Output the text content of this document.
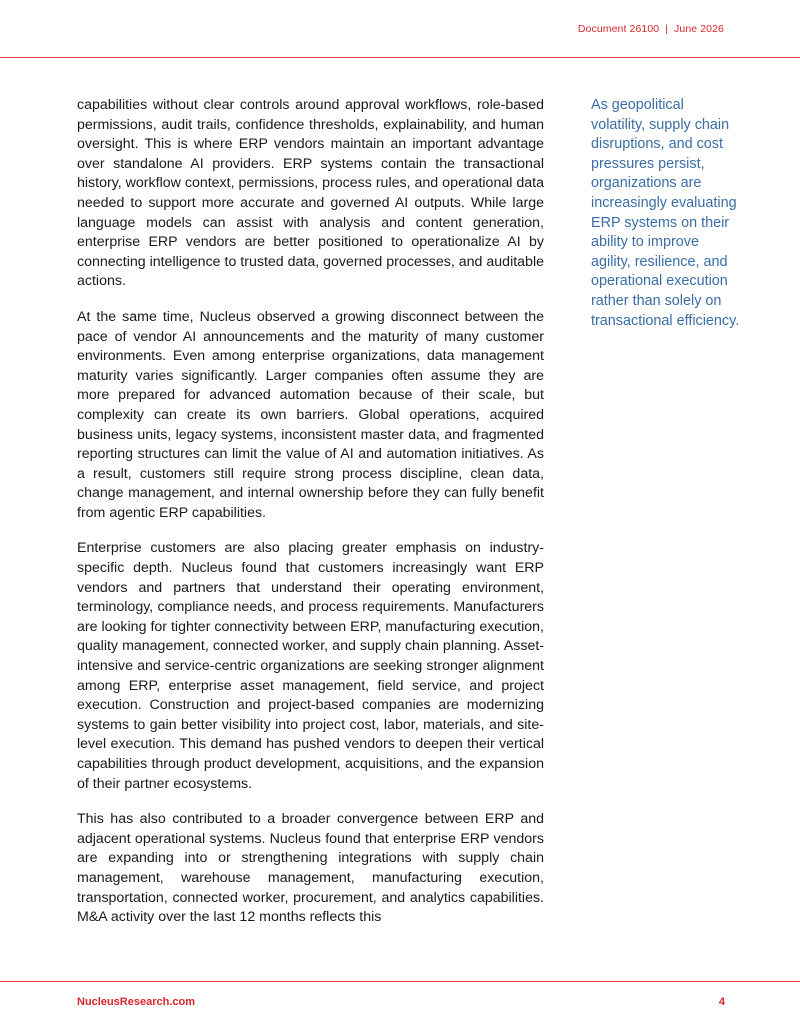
Document 26100 | June 2026

capabilities without clear controls around approval workflows, role-based permissions, audit trails, confidence thresholds, explainability, and human oversight. This is where ERP vendors maintain an important advantage over standalone AI providers. ERP systems contain the transactional history, workflow context, permissions, process rules, and operational data needed to support more accurate and governed AI outputs. While large language models can assist with analysis and content generation, enterprise ERP vendors are better positioned to operationalize AI by connecting intelligence to trusted data, governed processes, and auditable actions.

At the same time, Nucleus observed a growing disconnect between the pace of vendor AI announcements and the maturity of many customer environments. Even among enterprise organizations, data management maturity varies significantly. Larger companies often assume they are more prepared for advanced automation because of their scale, but complexity can create its own barriers. Global operations, acquired business units, legacy systems, inconsistent master data, and fragmented reporting structures can limit the value of AI and automation initiatives. As a result, customers still require strong process discipline, clean data, change management, and internal ownership before they can fully benefit from agentic ERP capabilities.

Enterprise customers are also placing greater emphasis on industry-specific depth. Nucleus found that customers increasingly want ERP vendors and partners that understand their operating environment, terminology, compliance needs, and process requirements. Manufacturers are looking for tighter connectivity between ERP, manufacturing execution, quality management, connected worker, and supply chain planning. Asset-intensive and service-centric organizations are seeking stronger alignment among ERP, enterprise asset management, field service, and project execution. Construction and project-based companies are modernizing systems to gain better visibility into project cost, labor, materials, and site-level execution. This demand has pushed vendors to deepen their vertical capabilities through product development, acquisitions, and the expansion of their partner ecosystems.

This has also contributed to a broader convergence between ERP and adjacent operational systems. Nucleus found that enterprise ERP vendors are expanding into or strengthening integrations with supply chain management, warehouse management, manufacturing execution, transportation, connected worker, procurement, and analytics capabilities. M&A activity over the last 12 months reflects this

As geopolitical volatility, supply chain disruptions, and cost pressures persist, organizations are increasingly evaluating ERP systems on their ability to improve agility, resilience, and operational execution rather than solely on transactional efficiency.
NucleusResearch.com	4
